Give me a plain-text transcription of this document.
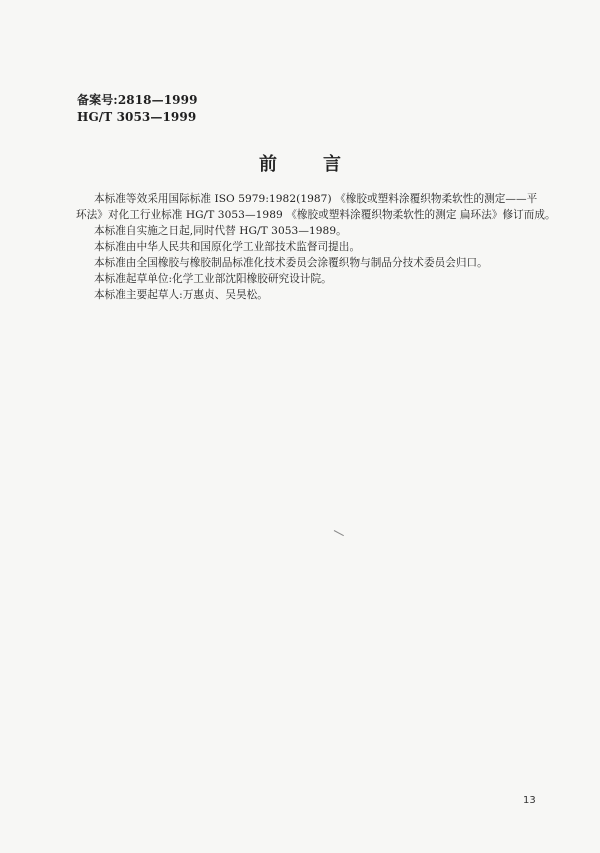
备案号:2818—1999
HG/T 3053—1999
前言

本标准等效采用国际标准 ISO 5979:1982(1987) 《橡胶或塑料涂覆织物柔软性的测定——平

环法》对化工行业标准 HG/T 3053—1989 《橡胶或塑料涂覆织物柔软性的测定 扁环法》修订而成。

本标准自实施之日起,同时代替 HG/T 3053—1989。

本标准由中华人民共和国原化学工业部技术监督司提出。

本标准由全国橡胶与橡胶制品标准化技术委员会涂覆织物与制品分技术委员会归口。

本标准起草单位:化学工业部沈阳橡胶研究设计院。

本标准主要起草人:万惠贞、吴昊松。

13
